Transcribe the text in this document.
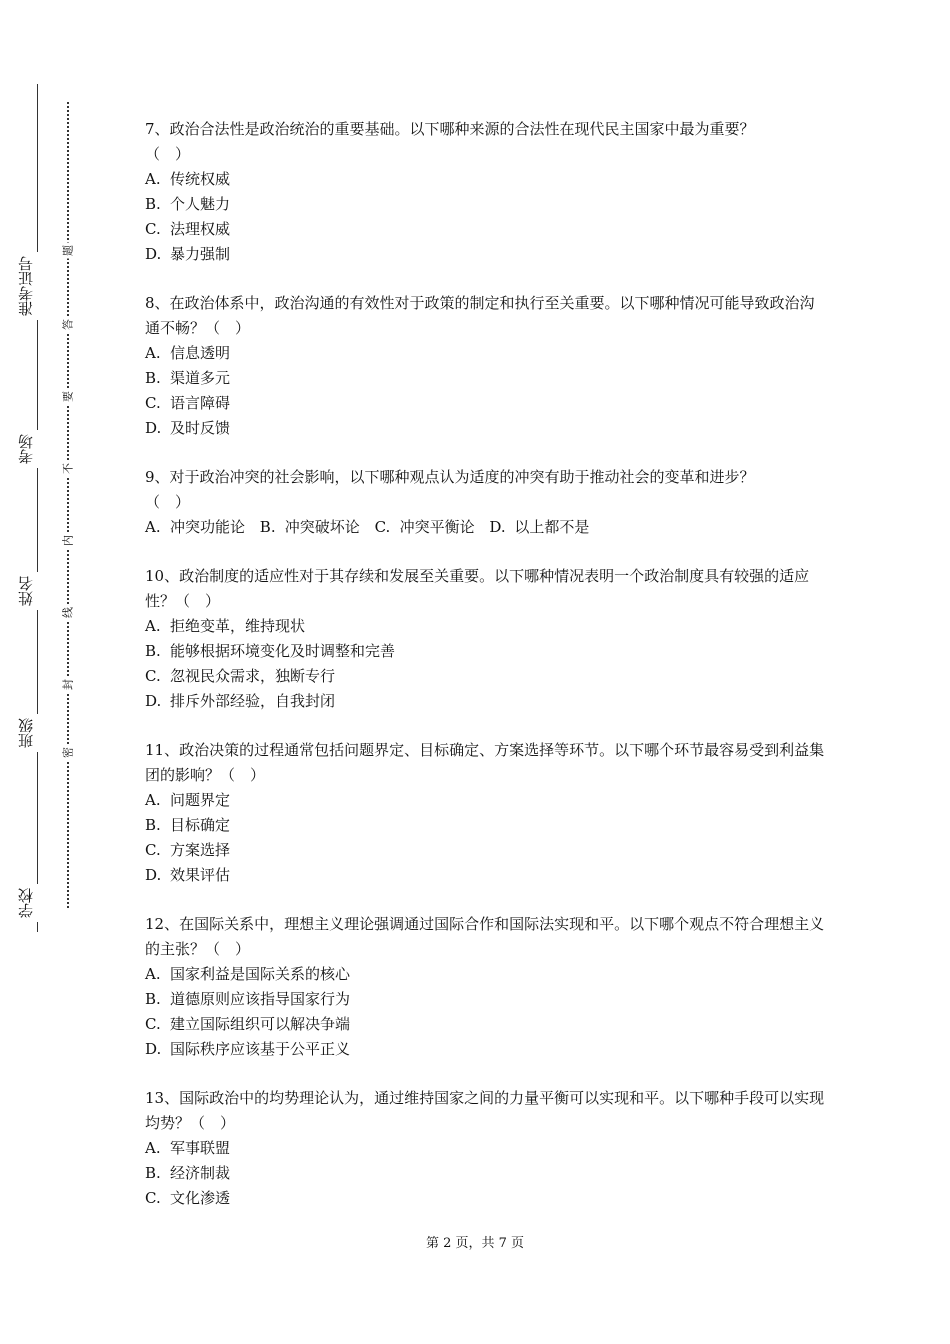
准考证号
考场
姓名
班级
学校
题
答
要
不
内
线
封
密

7、政治合法性是政治统治的重要基础。以下哪种来源的合法性在现代民主国家中最为重要？
（　）

A. 传统权威

B. 个人魅力

C. 法理权威

D. 暴力强制

8、在政治体系中，政治沟通的有效性对于政策的制定和执行至关重要。以下哪种情况可能导致政治沟通不畅？（　）

A. 信息透明

B. 渠道多元

C. 语言障碍

D. 及时反馈

9、对于政治冲突的社会影响，以下哪种观点认为适度的冲突有助于推动社会的变革和进步？
（　）

A. 冲突功能论

B. 冲突破坏论

C. 冲突平衡论

D. 以上都不是

10、政治制度的适应性对于其存续和发展至关重要。以下哪种情况表明一个政治制度具有较强的适应性？（　）

A. 拒绝变革，维持现状

B. 能够根据环境变化及时调整和完善

C. 忽视民众需求，独断专行

D. 排斥外部经验，自我封闭

11、政治决策的过程通常包括问题界定、目标确定、方案选择等环节。以下哪个环节最容易受到利益集团的影响？（　）

A. 问题界定

B. 目标确定

C. 方案选择

D. 效果评估

12、在国际关系中，理想主义理论强调通过国际合作和国际法实现和平。以下哪个观点不符合理想主义的主张？（　）

A. 国家利益是国际关系的核心

B. 道德原则应该指导国家行为

C. 建立国际组织可以解决争端

D. 国际秩序应该基于公平正义

13、国际政治中的均势理论认为，通过维持国家之间的力量平衡可以实现和平。以下哪种手段可以实现均势？（　）

A. 军事联盟

B. 经济制裁

C. 文化渗透

第 2 页，共 7 页
